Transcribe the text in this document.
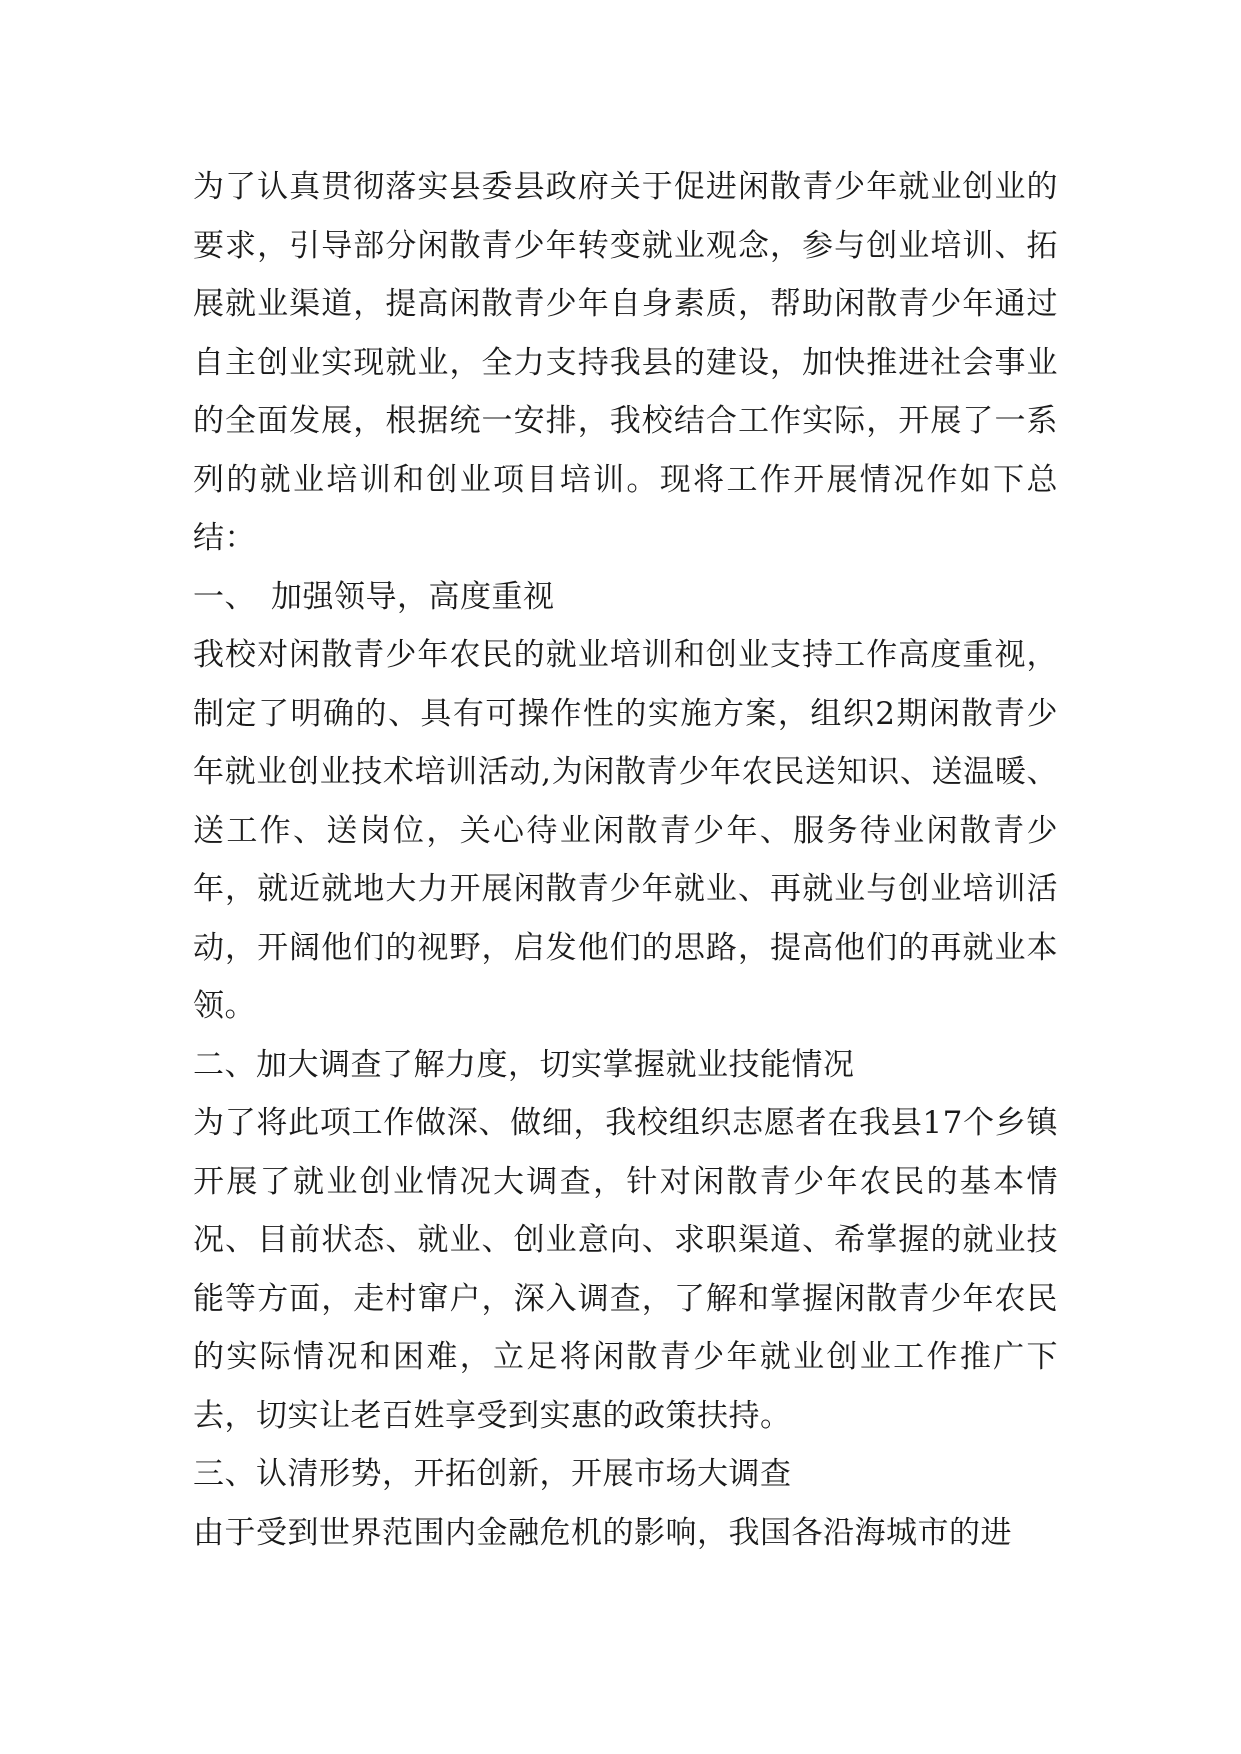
为了认真贯彻落实县委县政府关于促进闲散青少年就业创业的要求，引导部分闲散青少年转变就业观念，参与创业培训、拓展就业渠道，提高闲散青少年自身素质，帮助闲散青少年通过自主创业实现就业，全力支持我县的建设，加快推进社会事业的全面发展，根据统一安排，我校结合工作实际，开展了一系列的就业培训和创业项目培训。现将工作开展情况作如下总结：

一、 加强领导，高度重视

我校对闲散青少年农民的就业培训和创业支持工作高度重视，制定了明确的、具有可操作性的实施方案，组织2期闲散青少年就业创业技术培训活动,为闲散青少年农民送知识、送温暖、送工作、送岗位，关心待业闲散青少年、服务待业闲散青少年，就近就地大力开展闲散青少年就业、再就业与创业培训活动，开阔他们的视野，启发他们的思路，提高他们的再就业本领。

二、加大调查了解力度，切实掌握就业技能情况

为了将此项工作做深、做细，我校组织志愿者在我县17个乡镇开展了就业创业情况大调查，针对闲散青少年农民的基本情况、目前状态、就业、创业意向、求职渠道、希掌握的就业技能等方面，走村窜户，深入调查，了解和掌握闲散青少年农民的实际情况和困难，立足将闲散青少年就业创业工作推广下去，切实让老百姓享受到实惠的政策扶持。

三、认清形势，开拓创新，开展市场大调查

由于受到世界范围内金融危机的影响，我国各沿海城市的进
